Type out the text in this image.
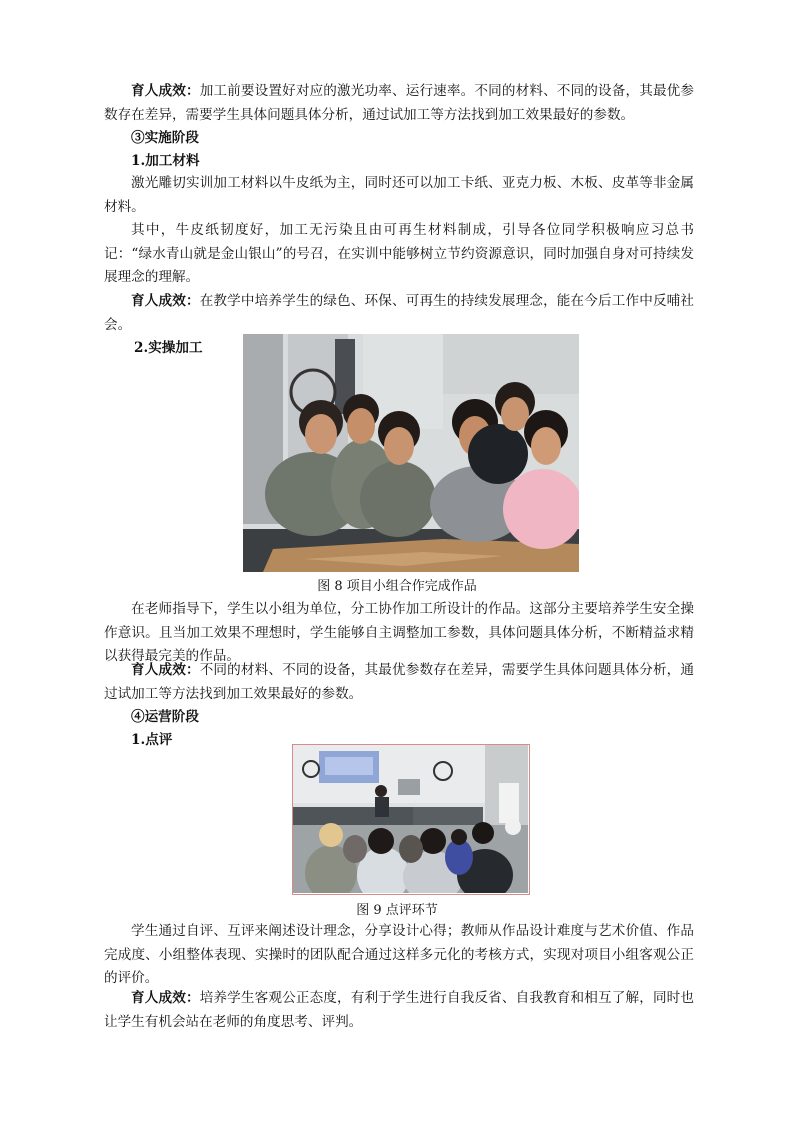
育人成效：加工前要设置好对应的激光功率、运行速率。不同的材料、不同的设备，其最优参数存在差异，需要学生具体问题具体分析，通过试加工等方法找到加工效果最好的参数。

③实施阶段

1.加工材料

激光雕切实训加工材料以牛皮纸为主，同时还可以加工卡纸、亚克力板、木板、皮革等非金属材料。

其中，牛皮纸韧度好，加工无污染且由可再生材料制成，引导各位同学积极响应习总书记：“绿水青山就是金山银山”的号召，在实训中能够树立节约资源意识，同时加强自身对可持续发展理念的理解。

育人成效：在教学中培养学生的绿色、环保、可再生的持续发展理念，能在今后工作中反哺社会。

2.实操加工

图 8 项目小组合作完成作品

在老师指导下，学生以小组为单位，分工协作加工所设计的作品。这部分主要培养学生安全操作意识。且当加工效果不理想时，学生能够自主调整加工参数，具体问题具体分析，不断精益求精以获得最完美的作品。

育人成效：不同的材料、不同的设备，其最优参数存在差异，需要学生具体问题具体分析，通过试加工等方法找到加工效果最好的参数。

④运营阶段

1.点评

图 9 点评环节

学生通过自评、互评来阐述设计理念，分享设计心得；教师从作品设计难度与艺术价值、作品完成度、小组整体表现、实操时的团队配合通过这样多元化的考核方式，实现对项目小组客观公正的评价。

育人成效：培养学生客观公正态度，有利于学生进行自我反省、自我教育和相互了解，同时也让学生有机会站在老师的角度思考、评判。
